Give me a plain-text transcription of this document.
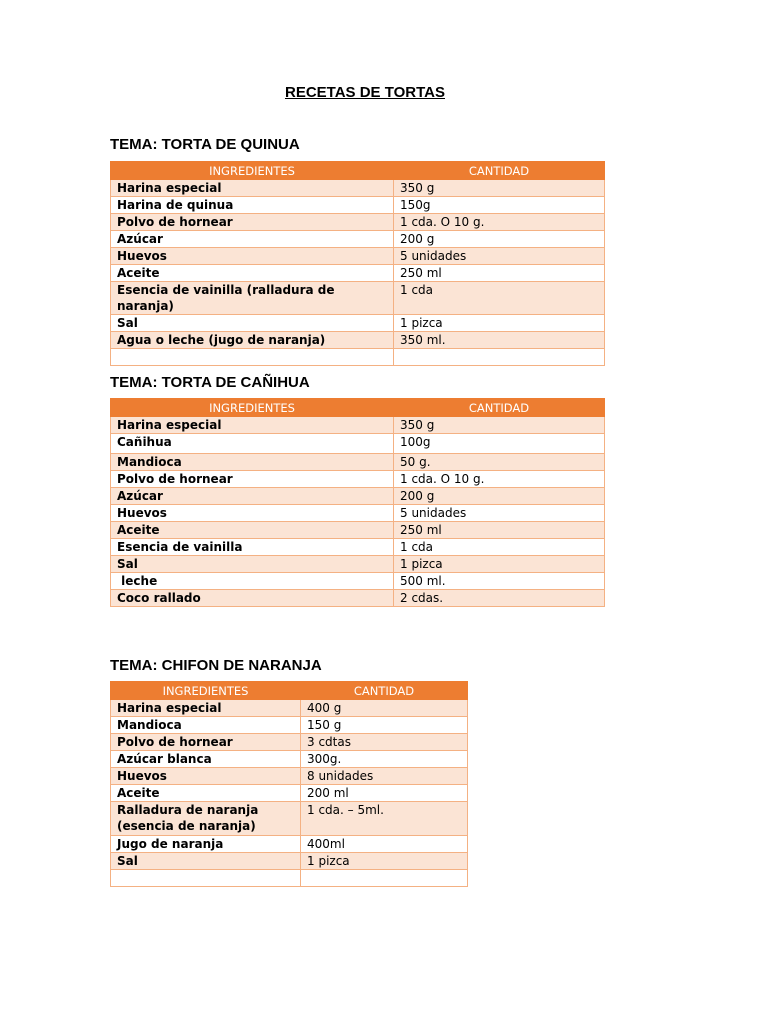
RECETAS DE TORTAS
TEMA: TORTA DE QUINUA
INGREDIENTES	CANTIDAD
Harina especial	350 g
Harina de quinua	150g
Polvo de hornear	1 cda. O 10 g.
Azúcar	200 g
Huevos	5 unidades
Aceite	250 ml
Esencia de vainilla (ralladura de naranja)	1 cda
Sal	1 pizca
Agua o leche (jugo de naranja)	350 ml.

TEMA: TORTA DE CAÑIHUA
INGREDIENTES	CANTIDAD
Harina especial	350 g
Cañihua	100g
Mandioca	50 g.
Polvo de hornear	1 cda. O 10 g.
Azúcar	200 g
Huevos	5 unidades
Aceite	250 ml
Esencia de vainilla	1 cda
Sal	1 pizca
leche	500 ml.
Coco rallado	2 cdas.
TEMA: CHIFON DE NARANJA
INGREDIENTES	CANTIDAD
Harina especial	400 g
Mandioca	150 g
Polvo de hornear	3 cdtas
Azúcar blanca	300g.
Huevos	8 unidades
Aceite	200 ml
Ralladura de naranja (esencia de naranja)	1 cda. – 5ml.
Jugo de naranja	400ml
Sal	1 pizca
